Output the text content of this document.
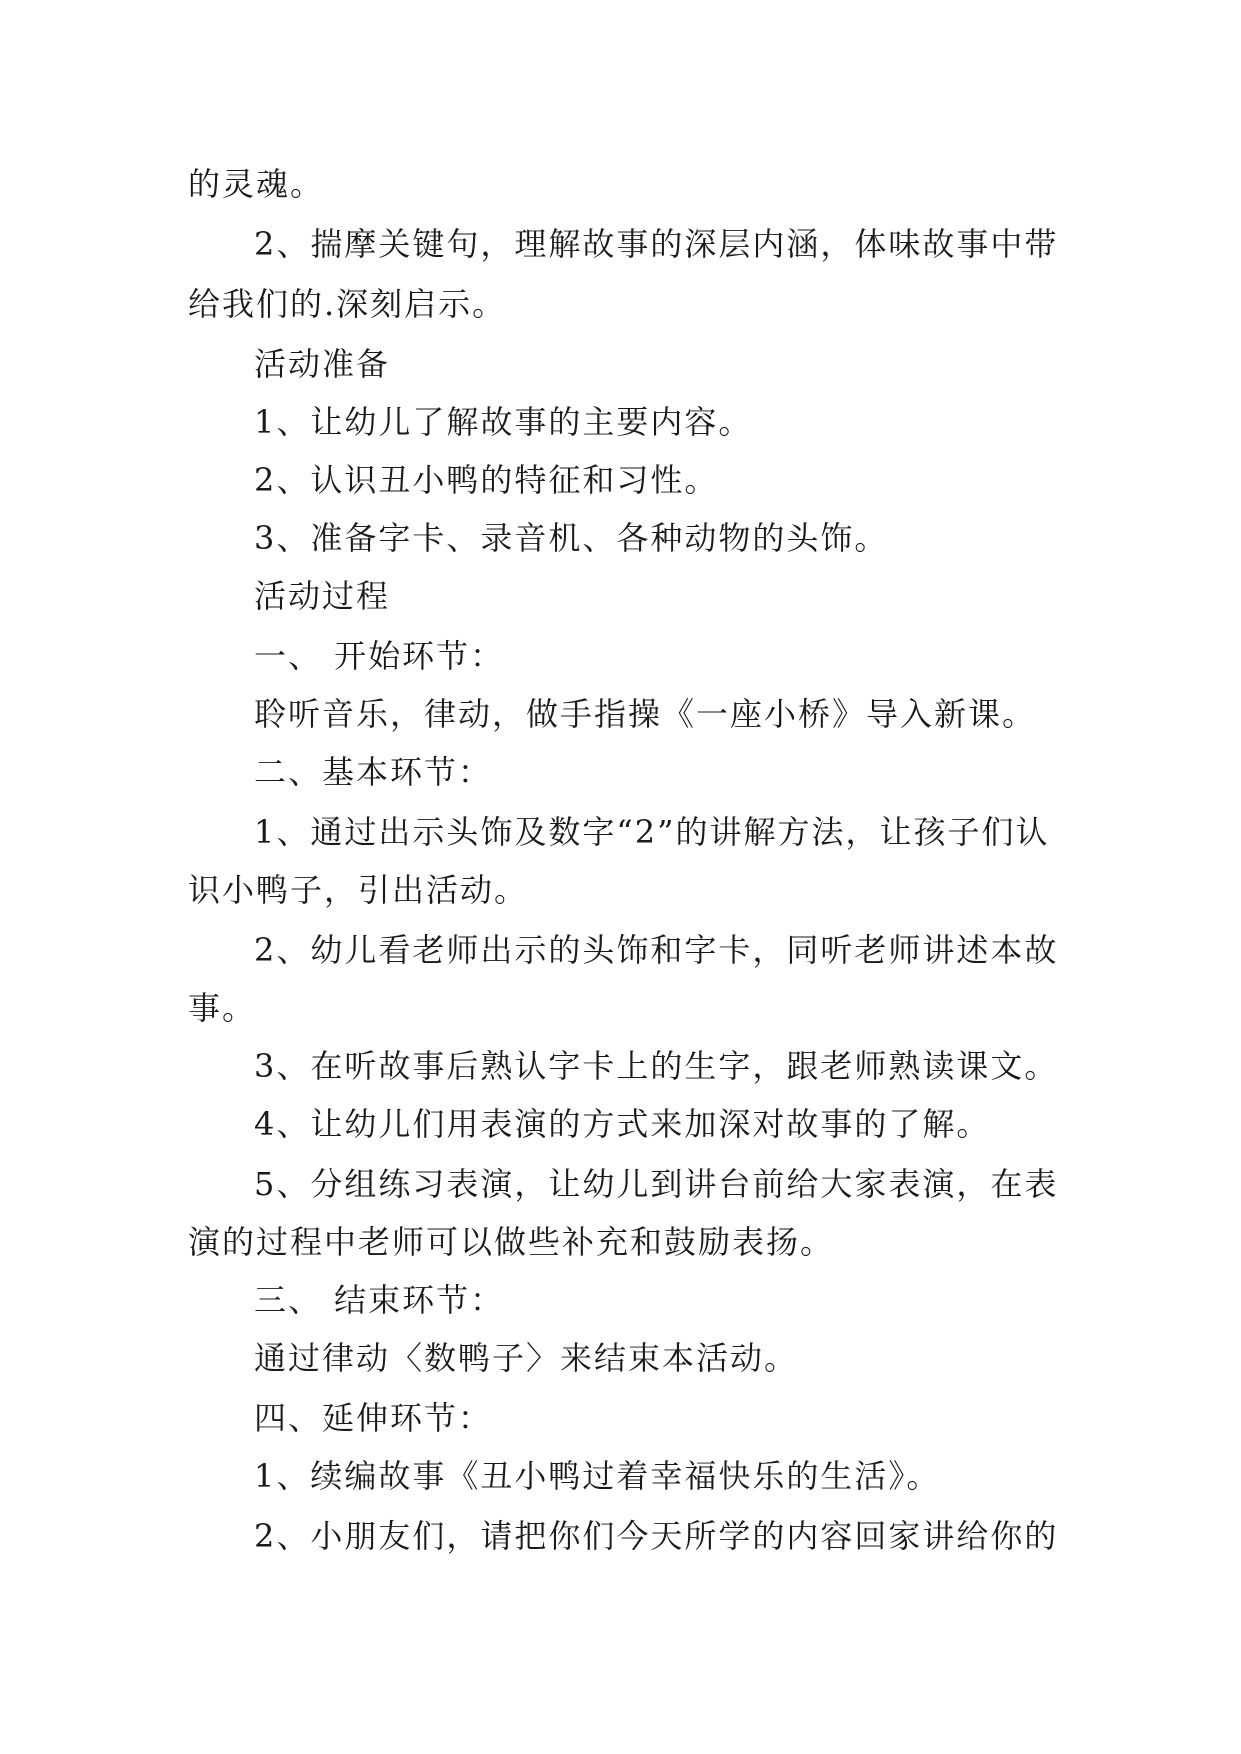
的灵魂。
2、揣摩关键句，理解故事的深层内涵，体味故事中带
给我们的.深刻启示。
活动准备
1、让幼儿了解故事的主要内容。
2、认识丑小鸭的特征和习性。
3、准备字卡、录音机、各种动物的头饰。
活动过程
一、 开始环节：
聆听音乐，律动，做手指操《一座小桥》导入新课。
二、基本环节：
1、通过出示头饰及数字“2”的讲解方法，让孩子们认
识小鸭子，引出活动。
2、幼儿看老师出示的头饰和字卡，同听老师讲述本故
事。
3、在听故事后熟认字卡上的生字，跟老师熟读课文。
4、让幼儿们用表演的方式来加深对故事的了解。
5、分组练习表演，让幼儿到讲台前给大家表演，在表
演的过程中老师可以做些补充和鼓励表扬。
三、 结束环节：
通过律动〈数鸭子〉来结束本活动。
四、延伸环节：
1、续编故事《丑小鸭过着幸福快乐的生活》。
2、小朋友们，请把你们今天所学的内容回家讲给你的
